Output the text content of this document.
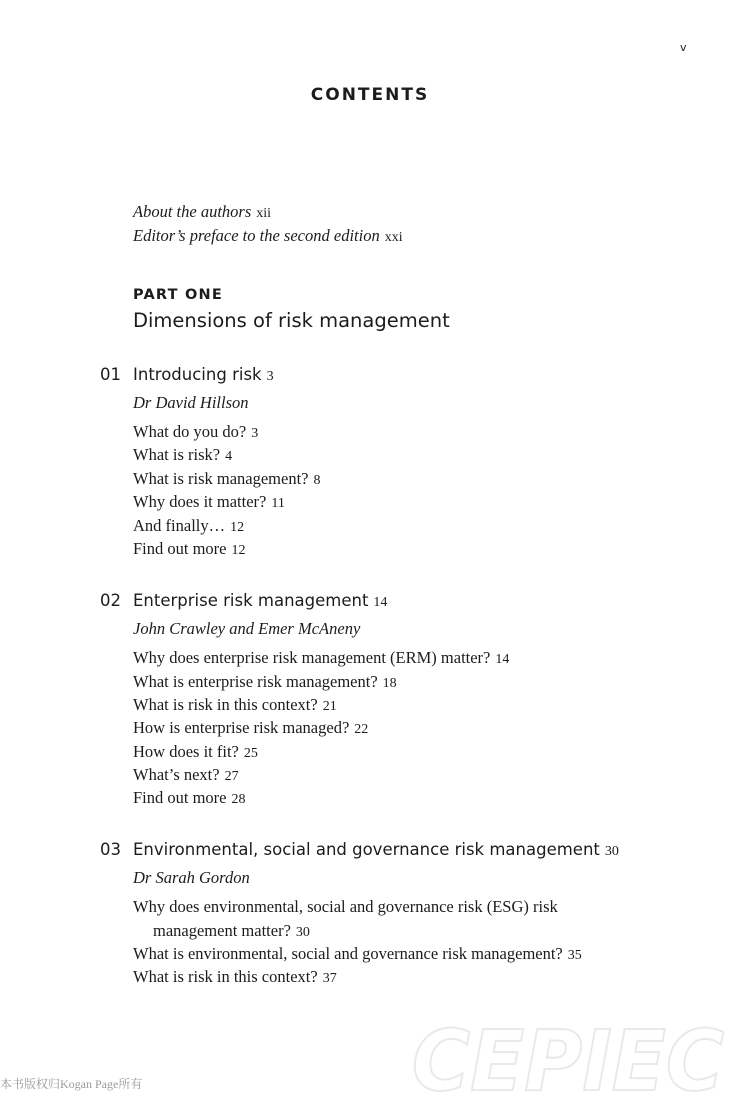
v
CONTENTS
About the authors xii
Editor’s preface to the second edition xxi
PART ONE
Dimensions of risk management
01 Introducing risk 3
Dr David Hillson
What do you do? 3
What is risk? 4
What is risk management? 8
Why does it matter? 11
And finally… 12
Find out more 12
02 Enterprise risk management 14
John Crawley and Emer McAneny
Why does enterprise risk management (ERM) matter? 14
What is enterprise risk management? 18
What is risk in this context? 21
How is enterprise risk managed? 22
How does it fit? 25
What’s next? 27
Find out more 28
03 Environmental, social and governance risk management 30
Dr Sarah Gordon
Why does environmental, social and governance risk (ESG) risk
management matter? 30
What is environmental, social and governance risk management? 35
What is risk in this context? 37
本书版权归Kogan Page所有	CEPIEC
